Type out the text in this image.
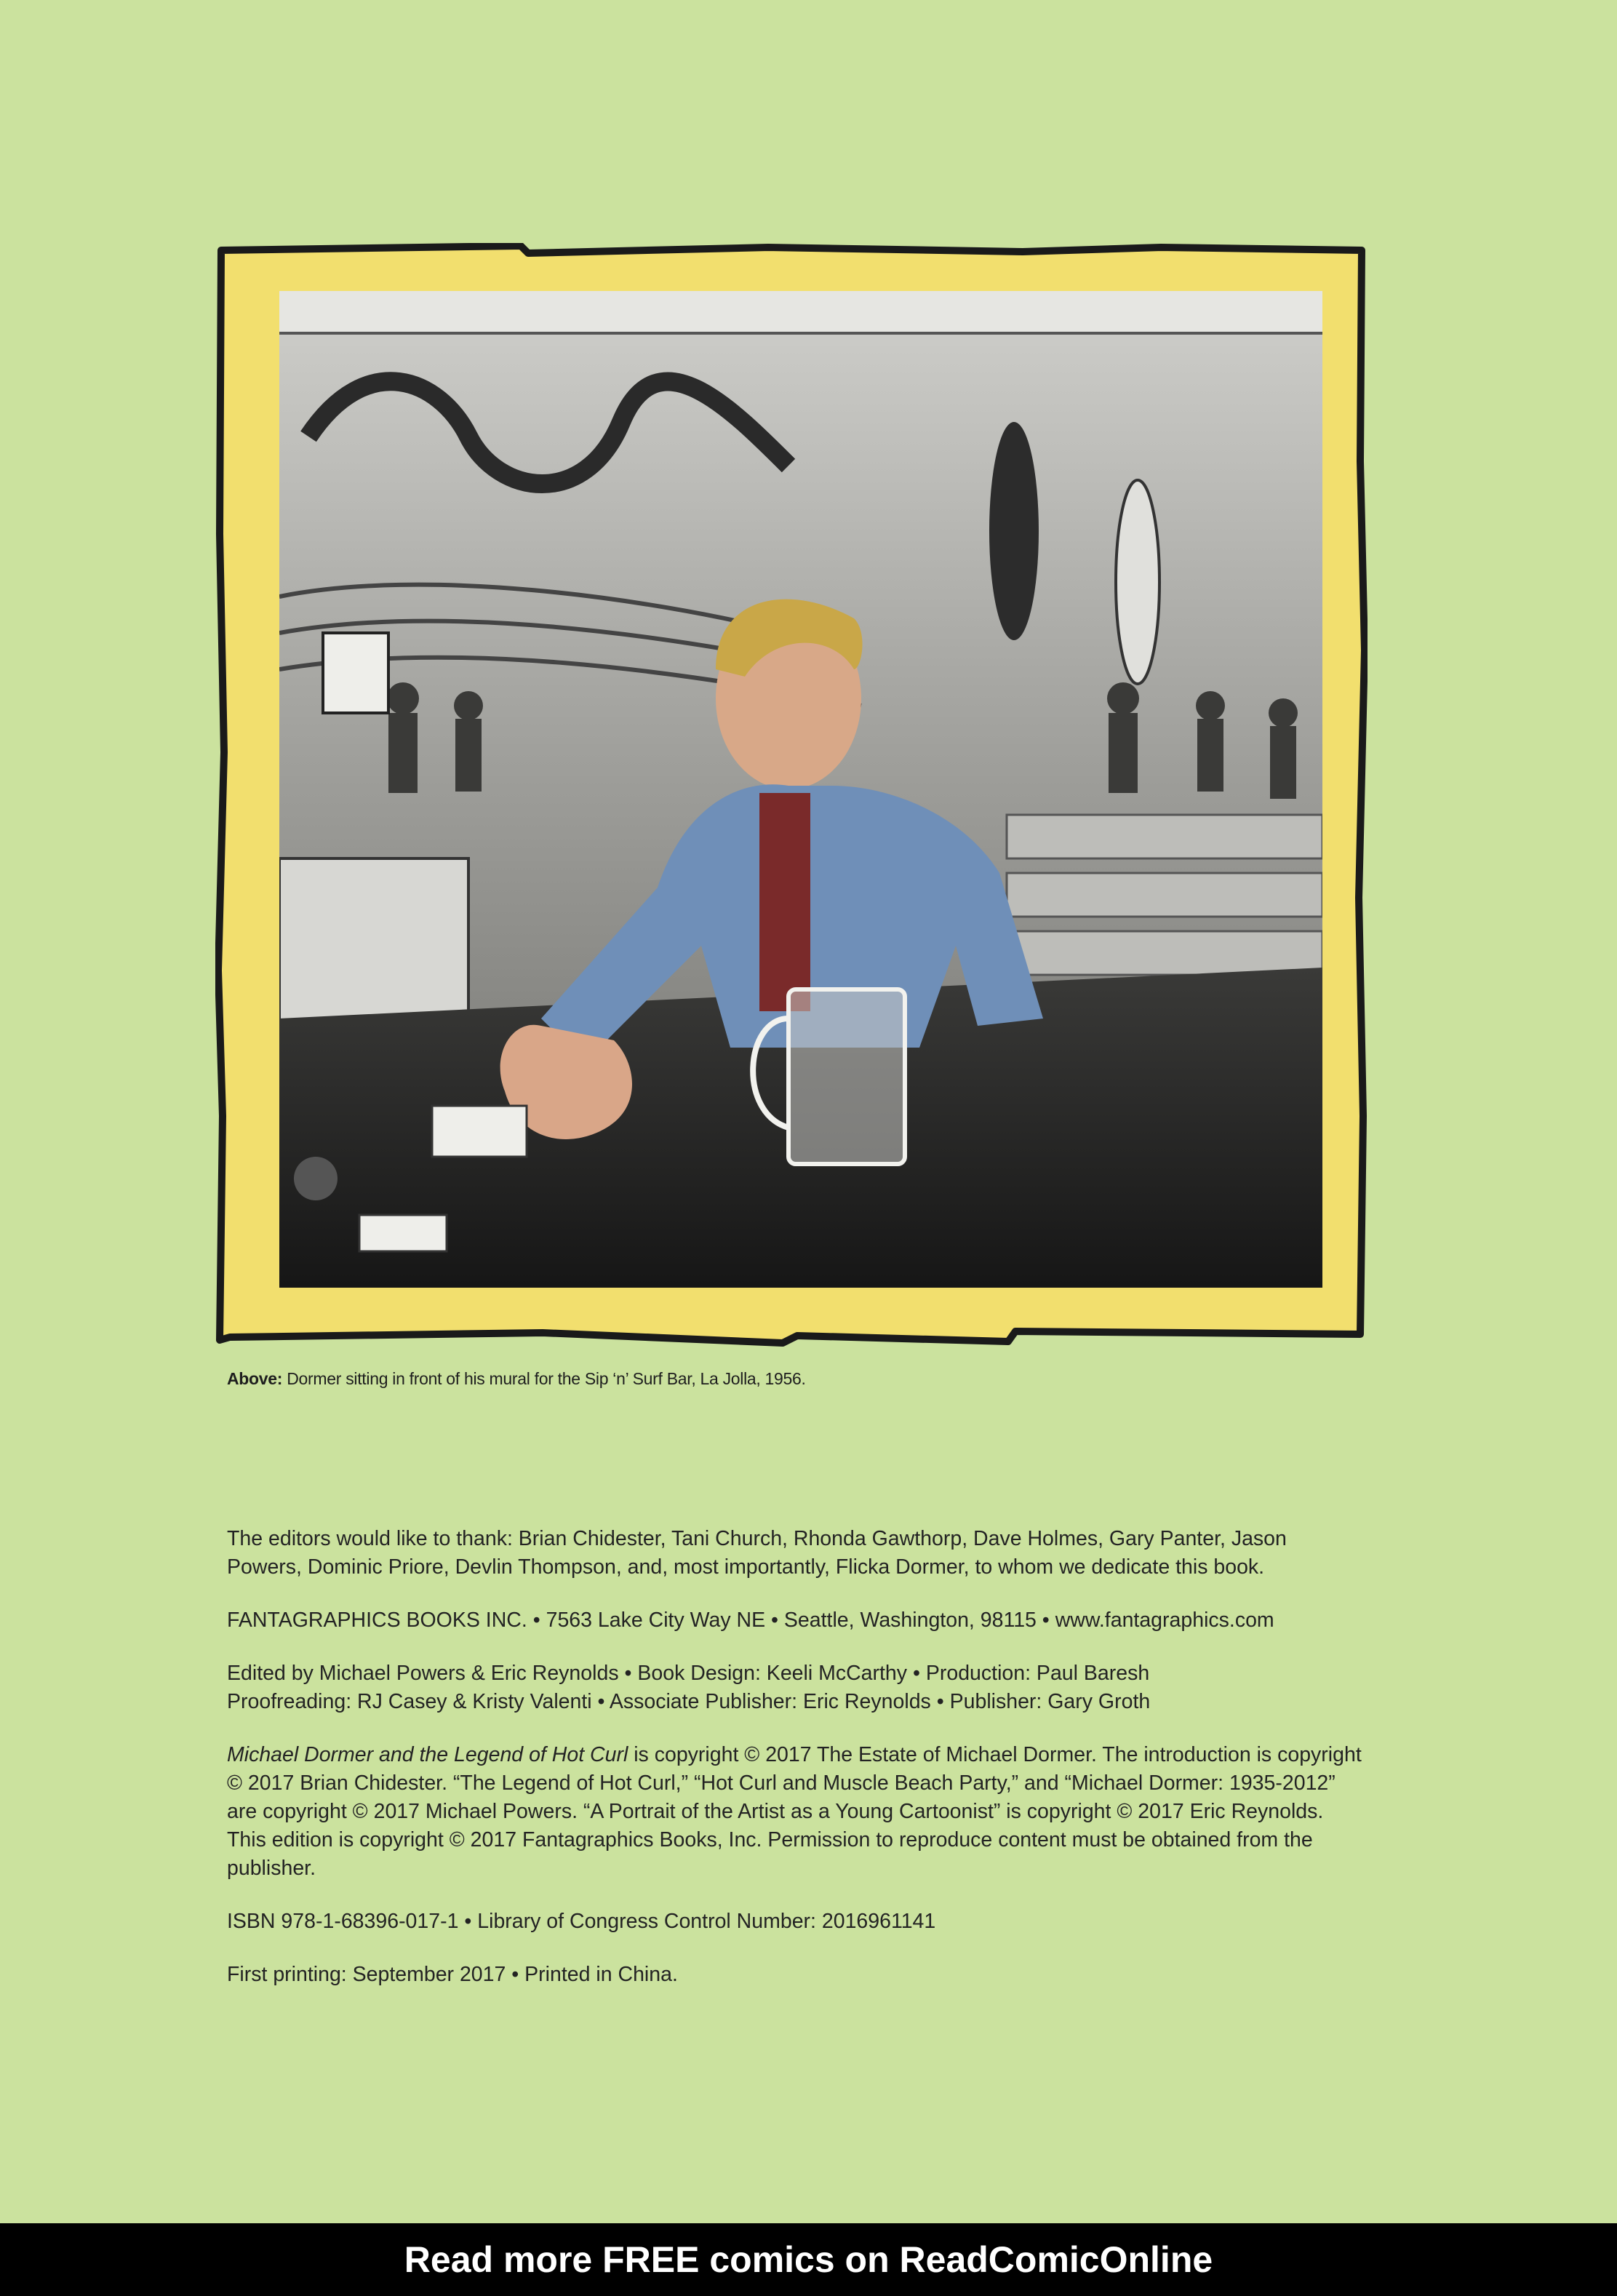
Above: Dormer sitting in front of his mural for the Sip ‘n’ Surf Bar, La Jolla, 1956.

The editors would like to thank: Brian Chidester, Tani Church, Rhonda Gawthorp, Dave Holmes, Gary Panter, Jason Powers, Dominic Priore, Devlin Thompson, and, most importantly, Flicka Dormer, to whom we dedicate this book.

FANTAGRAPHICS BOOKS INC. • 7563 Lake City Way NE • Seattle, Washington, 98115 • www.fantagraphics.com

Edited by Michael Powers & Eric Reynolds • Book Design: Keeli McCarthy • Production: Paul Baresh
Proofreading: RJ Casey & Kristy Valenti • Associate Publisher: Eric Reynolds • Publisher: Gary Groth

Michael Dormer and the Legend of Hot Curl is copyright © 2017 The Estate of Michael Dormer. The introduction is copyright © 2017 Brian Chidester. “The Legend of Hot Curl,” “Hot Curl and Muscle Beach Party,” and “Michael Dormer: 1935-2012” are copyright © 2017 Michael Powers. “A Portrait of the Artist as a Young Cartoonist” is copyright © 2017 Eric Reynolds. This edition is copyright © 2017 Fantagraphics Books, Inc. Permission to reproduce content must be obtained from the publisher.

ISBN 978-1-68396-017-1 • Library of Congress Control Number: 2016961141

First printing: September 2017 • Printed in China.

Read more FREE comics on ReadComicOnline
